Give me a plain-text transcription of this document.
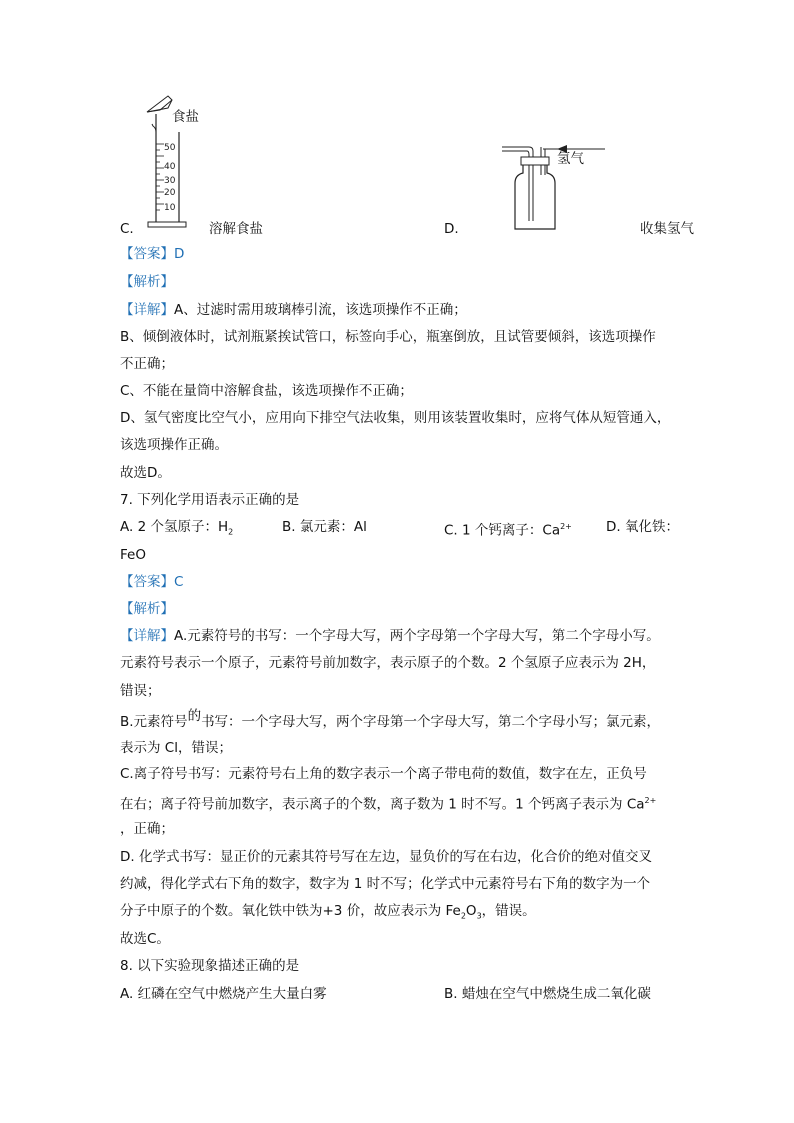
50
40
30
20
10
食盐
C.	溶解食盐
氢气
D.	收集氢气
【答案】D
【解析】
【详解】A、过滤时需用玻璃棒引流，该选项操作不正确；
B、倾倒液体时，试剂瓶紧挨试管口，标签向手心，瓶塞倒放，且试管要倾斜，该选项操作
不正确；
C、不能在量筒中溶解食盐，该选项操作不正确；
D、氢气密度比空气小，应用向下排空气法收集，则用该装置收集时，应将气体从短管通入，
该选项操作正确。
故选D。
7. 下列化学用语表示正确的是
A. 2 个氢原子：$H_2$	B. 氯元素：Al	C. 1 个钙离子：$Ca^{2+}$	D. 氧化铁：
FeO
【答案】C
【解析】
【详解】A.元素符号的书写：一个字母大写，两个字母第一个字母大写，第二个字母小写。
元素符号表示一个原子，元素符号前加数字，表示原子的个数。2 个氢原子应表示为 2H，
错误；
B.元素符号的书写：一个字母大写，两个字母第一个字母大写，第二个字母小写；氯元素，
表示为 Cl，错误；
C.离子符号书写：元素符号右上角的数字表示一个离子带电荷的数值，数字在左，正负号
在右；离子符号前加数字，表示离子的个数，离子数为 1 时不写。1 个钙离子表示为 $Ca^{2+}$
，正确；
D. 化学式书写：显正价的元素其符号写在左边，显负价的写在右边，化合价的绝对值交叉
约减，得化学式右下角的数字，数字为 1 时不写；化学式中元素符号右下角的数字为一个
分子中原子的个数。氧化铁中铁为+3 价，故应表示为 $Fe_2O_3$，错误。
故选C。
8. 以下实验现象描述正确的是
A. 红磷在空气中燃烧产生大量白雾	B. 蜡烛在空气中燃烧生成二氧化碳
